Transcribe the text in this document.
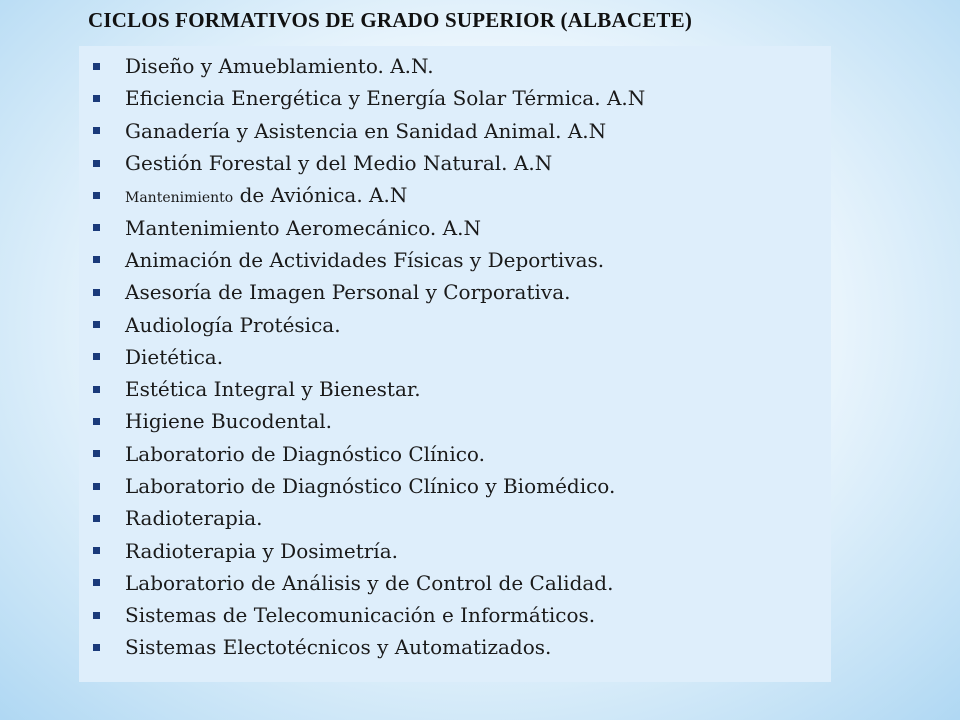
CICLOS FORMATIVOS DE GRADO SUPERIOR (ALBACETE)
Diseño y Amueblamiento. A.N.
Eficiencia Energética y Energía Solar Térmica. A.N
Ganadería y Asistencia en Sanidad Animal. A.N
Gestión Forestal y del Medio Natural. A.N
Mantenimiento de Aviónica. A.N
Mantenimiento Aeromecánico. A.N
Animación de Actividades Físicas y Deportivas.
Asesoría de Imagen Personal y Corporativa.
Audiología Protésica.
Dietética.
Estética Integral y Bienestar.
Higiene Bucodental.
Laboratorio de Diagnóstico Clínico.
Laboratorio de Diagnóstico Clínico y Biomédico.
Radioterapia.
Radioterapia y Dosimetría.
Laboratorio de Análisis y de Control de Calidad.
Sistemas de Telecomunicación e Informáticos.
Sistemas Electotécnicos y Automatizados.
